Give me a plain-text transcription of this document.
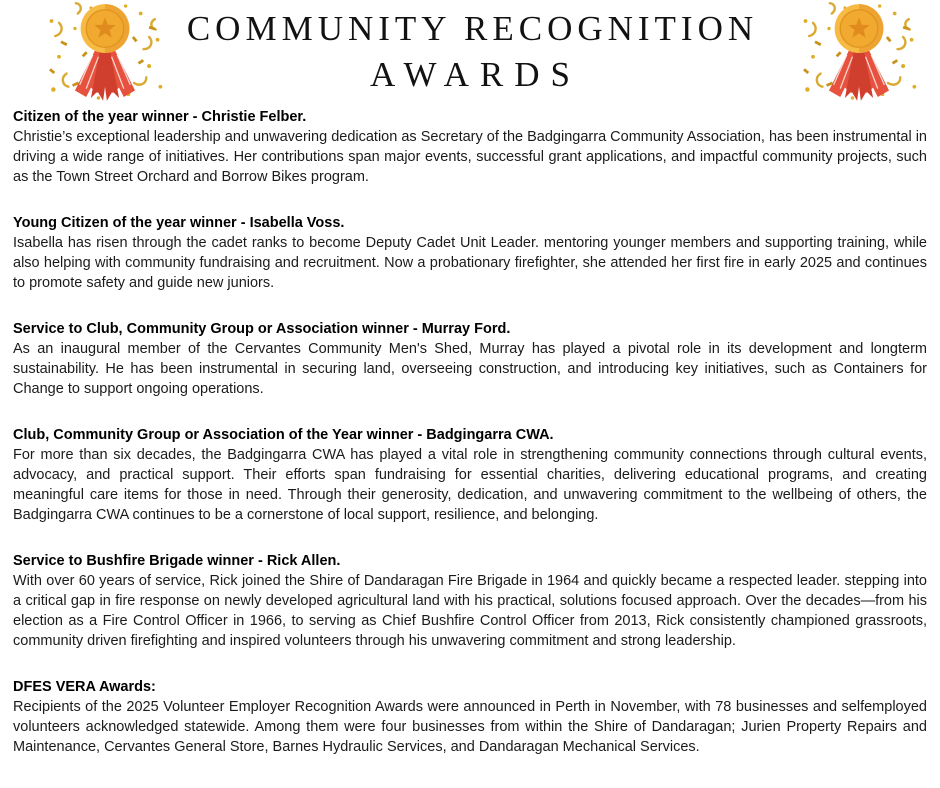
COMMUNITY RECOGNITION
AWARDS
Citizen of the year winner - Christie Felber.

Christie’s exceptional leadership and unwavering dedication as Secretary of the Badgingarra Community Association, has been instrumental in driving a wide range of initiatives. Her contributions span major events, successful grant applications, and impactful community projects, such as the Town Street Orchard and Borrow Bikes program.

Young Citizen of the year winner - Isabella Voss.

Isabella has risen through the cadet ranks to become Deputy Cadet Unit Leader. mentoring younger members and supporting training, while also helping with community fundraising and recruitment. Now a probationary firefighter, she attended her first fire in early 2025 and continues to promote safety and guide new juniors.

Service to Club, Community Group or Association winner - Murray Ford.

As an inaugural member of the Cervantes Community Men's Shed, Murray has played a pivotal role in its development and longterm sustainability. He has been instrumental in securing land, overseeing construction, and introducing key initiatives, such as Containers for Change to support ongoing operations.

Club, Community Group or Association of the Year winner - Badgingarra CWA.

For more than six decades, the Badgingarra CWA has played a vital role in strengthening community connections through cultural events, advocacy, and practical support. Their efforts span fundraising for essential charities, delivering educational programs, and creating meaningful care items for those in need. Through their generosity, dedication, and unwavering commitment to the wellbeing of others, the Badgingarra CWA continues to be a cornerstone of local support, resilience, and belonging.

Service to Bushfire Brigade winner - Rick Allen.

With over 60 years of service, Rick joined the Shire of Dandaragan Fire Brigade in 1964 and quickly became a respected leader. stepping into a critical gap in fire response on newly developed agricultural land with his practical, solutions focused approach. Over the decades—from his election as a Fire Control Officer in 1966, to serving as Chief Bushfire Control Officer from 2013, Rick consistently championed grassroots, community driven firefighting and inspired volunteers through his unwavering commitment and strong leadership.

DFES VERA Awards:

Recipients of the 2025 Volunteer Employer Recognition Awards were announced in Perth in November, with 78 businesses and selfemployed volunteers acknowledged statewide. Among them were four businesses from within the Shire of Dandaragan; Jurien Property Repairs and Maintenance, Cervantes General Store, Barnes Hydraulic Services, and Dandaragan Mechanical Services.
